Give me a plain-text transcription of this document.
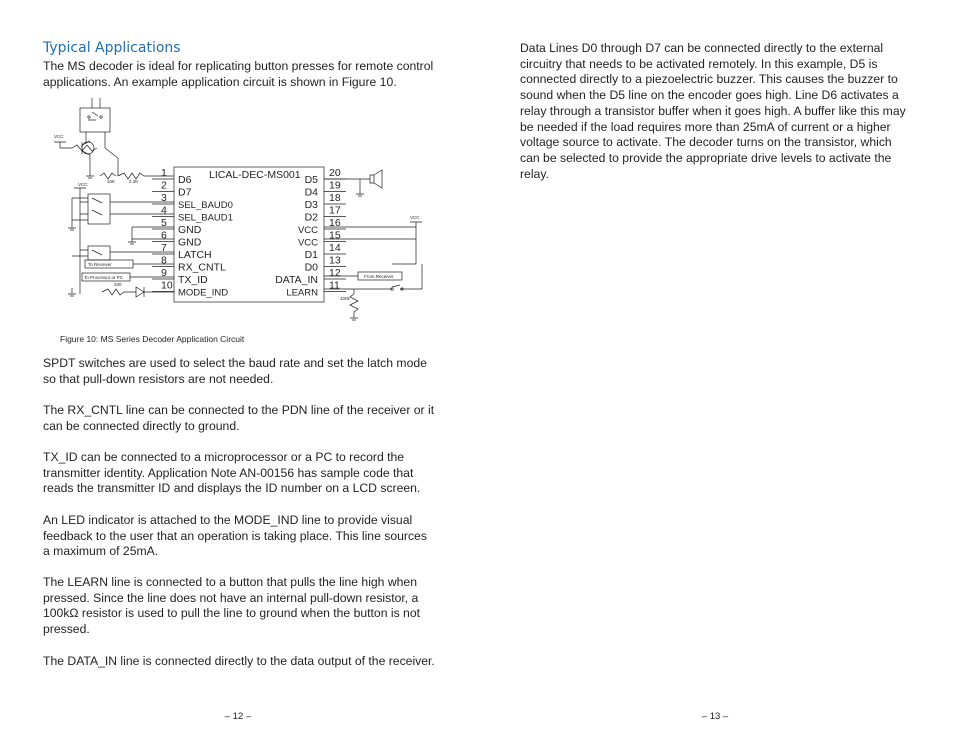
Typical Applications

The MS decoder is ideal for replicating button presses for remote control applications. An example application circuit is shown in Figure 10.

LICAL-DEC-MS001
1
D6
2
D7
3
SEL_BAUD0
4
SEL_BAUD1
5
GND
6
GND
7
LATCH
8
RX_CNTL
9
TX_ID
10
MODE_IND
20
D5 19
D4 18
D3 17
D2 16
VCC 15
VCC 14
D1 13
D0 12
DATA_IN 11
LEARN
VCC
10K	2.2K
VCC
To Receiver
To Processor or PC
330
VCC
From Receiver
100k

Figure 10: MS Series Decoder Application Circuit

SPDT switches are used to select the baud rate and set the latch mode so that pull-down resistors are not needed.

The RX_CNTL line can be connected to the PDN line of the receiver or it can be connected directly to ground.

TX_ID can be connected to a microprocessor or a PC to record the transmitter identity. Application Note AN-00156 has sample code that reads the transmitter ID and displays the ID number on a LCD screen.

An LED indicator is attached to the MODE_IND line to provide visual feedback to the user that an operation is taking place. This line sources a maximum of 25mA.

The LEARN line is connected to a button that pulls the line high when pressed. Since the line does not have an internal pull-down resistor, a 100kΩ resistor is used to pull the line to ground when the button is not pressed.

The DATA_IN line is connected directly to the data output of the receiver.

– 12 –

Data Lines D0 through D7 can be connected directly to the external circuitry that needs to be activated remotely. In this example, D5 is connected directly to a piezoelectric buzzer. This causes the buzzer to sound when the D5 line on the encoder goes high. Line D6 activates a relay through a transistor buffer when it goes high. A buffer like this may be needed if the load requires more than 25mA of current or a higher voltage source to activate. The decoder turns on the transistor, which can be selected to provide the appropriate drive levels to activate the relay.

– 13 –
